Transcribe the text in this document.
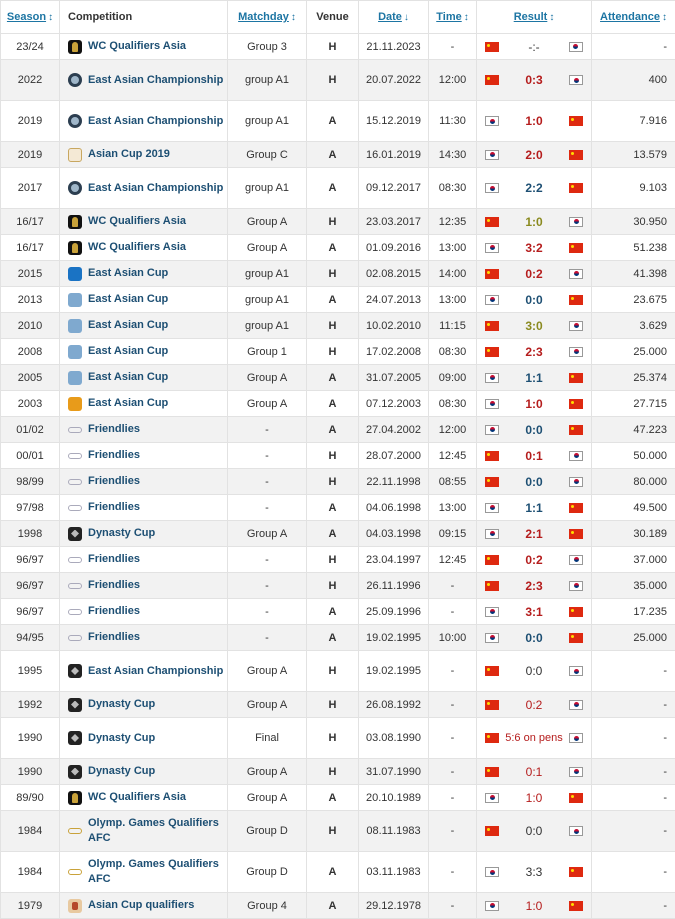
Season ↕	Competition	Matchday ↕	Venue	Date ↓	Time ↕	Result ↕	Attendance ↕
23/24	WC Qualifiers Asia	Group 3	H	21.11.2023	-	-:-	-
2022	East Asian Championship	group A1	H	20.07.2022	12:00	0:3	400
2019	East Asian Championship	group A1	A	15.12.2019	11:30	1:0	7.916
2019	Asian Cup 2019	Group C	A	16.01.2019	14:30	2:0	13.579
2017	East Asian Championship	group A1	A	09.12.2017	08:30	2:2	9.103
16/17	WC Qualifiers Asia	Group A	H	23.03.2017	12:35	1:0	30.950
16/17	WC Qualifiers Asia	Group A	A	01.09.2016	13:00	3:2	51.238
2015	East Asian Cup	group A1	H	02.08.2015	14:00	0:2	41.398
2013	East Asian Cup	group A1	A	24.07.2013	13:00	0:0	23.675
2010	East Asian Cup	group A1	H	10.02.2010	11:15	3:0	3.629
2008	East Asian Cup	Group 1	H	17.02.2008	08:30	2:3	25.000
2005	East Asian Cup	Group A	A	31.07.2005	09:00	1:1	25.374
2003	East Asian Cup	Group A	A	07.12.2003	08:30	1:0	27.715
01/02	Friendlies	-	A	27.04.2002	12:00	0:0	47.223
00/01	Friendlies	-	H	28.07.2000	12:45	0:1	50.000
98/99	Friendlies	-	H	22.11.1998	08:55	0:0	80.000
97/98	Friendlies	-	A	04.06.1998	13:00	1:1	49.500
1998	Dynasty Cup	Group A	A	04.03.1998	09:15	2:1	30.189
96/97	Friendlies	-	H	23.04.1997	12:45	0:2	37.000
96/97	Friendlies	-	H	26.11.1996	-	2:3	35.000
96/97	Friendlies	-	A	25.09.1996	-	3:1	17.235
94/95	Friendlies	-	A	19.02.1995	10:00	0:0	25.000
1995	East Asian Championship	Group A	H	19.02.1995	-	0:0	-
1992	Dynasty Cup	Group A	H	26.08.1992	-	0:2	-
1990	Dynasty Cup	Final	H	03.08.1990	-	5:6 on pens	-
1990	Dynasty Cup	Group A	H	31.07.1990	-	0:1	-
89/90	WC Qualifiers Asia	Group A	A	20.10.1989	-	1:0	-
1984	Olymp. Games Qualifiers AFC	Group D	H	08.11.1983	-	0:0	-
1984	Olymp. Games Qualifiers AFC	Group D	A	03.11.1983	-	3:3	-
1979	Asian Cup qualifiers	Group 4	A	29.12.1978	-	1:0	-
